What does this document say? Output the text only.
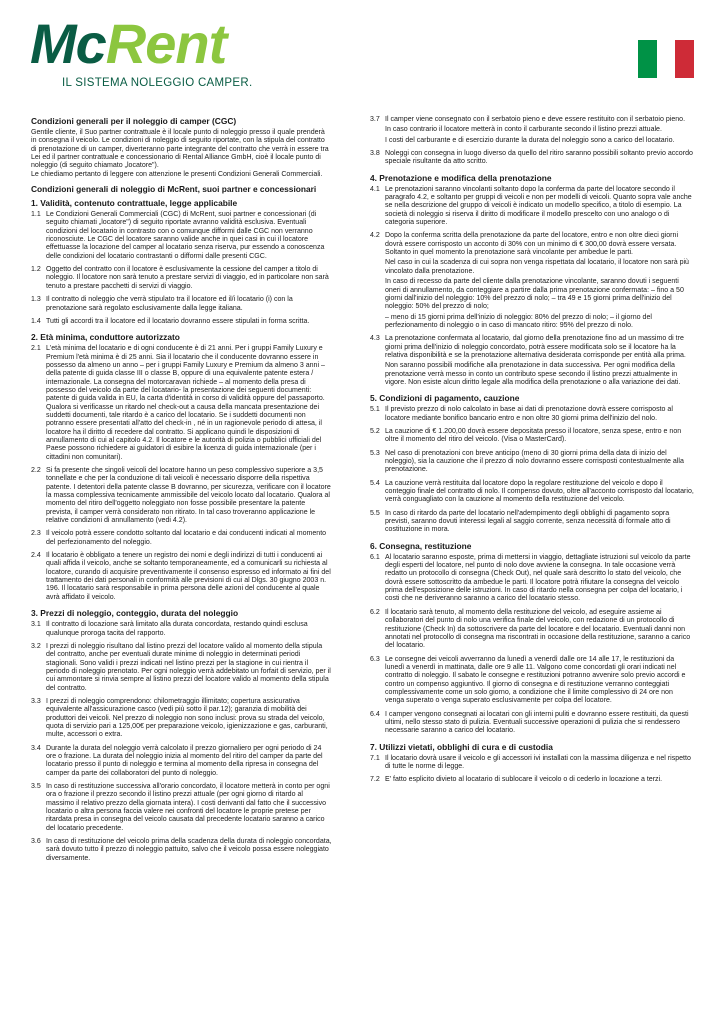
McRent
IL SISTEMA NOLEGGIO CAMPER.
Condizioni generali per il noleggio di camper (CGC)

Gentile cliente, il Suo partner contrattuale è il locale punto di noleggio presso il quale prenderà in consegna il veicolo. Le condizioni di noleggio di seguito riportate, con la stipula del contratto di prenotazione di un camper, diverteranno parte integrante del contratto che verrà in essere tra Lei ed il partner contrattuale e concessionario di Rental Alliance GmbH, cioè il locale punto di noleggio (di seguito chiamato „locatore").

Le chiediamo pertanto di leggere con attenzione le presenti Condizioni Generali Commerciali.

Condizioni generali di noleggio di McRent, suoi partner e concessionari
1. Validità, contenuto contrattuale, legge applicabile
1.1 Le Condizioni Generali Commerciali (CGC) di McRent, suoi partner e concessionari (di seguito chiamati „locatore") di seguito riportate avranno validità esclusiva. Eventuali condizioni del locatario in contrasto con o comunque difformi dalle CGC non verranno riconosciute. Le CGC del locatore saranno valide anche in quei casi in cui il locatore effettuasse la locazione del camper al locatario senza riserva, pur essendo a conoscenza delle condizioni del locatario contrastanti o difformi dalle presenti CGC.

1.2 Oggetto del contratto con il locatore è esclusivamente la cessione del camper a titolo di noleggio. Il locatore non sarà tenuto a prestare servizi di viaggio, ed in particolare non sarà tenuto a prestare pacchetti di servizi di viaggio.

1.3 Il contratto di noleggio che verrà stipulato tra il locatore ed il/i locatario (i) con la prenotazione sarà regolato esclusivamente dalla legge italiana.

1.4 Tutti gli accordi tra il locatore ed il locatario dovranno essere stipulati in forma scritta.

2. Età minima, conduttore autorizzato
2.1 L'età minima del locatario e di ogni conducente è di 21 anni. Per i gruppi Family Luxury e Premium l'età minima è di 25 anni. Sia il locatario che il conducente dovranno essere in possesso da almeno un anno – per i gruppi Family Luxury e Premium da almeno 3 anni – della patente di guida classe III o classe B, oppure di una equivalente patente estera / internazionale. La consegna del motorcaravan richiede – al momento della presa di possesso del veicolo da parte del locatario- la presentazione dei seguenti documenti: patente di guida valida in EU, la carta d'identità in corso di validità oppure del passaporto. Qualora si verificasse un ritardo nel check-out a causa della mancata presentazione dei suddetti documenti, tale ritardo è a carico del locatario. Se i suddetti documenti non potranno essere presentati all'atto del check-in , né in un ragionevole periodo di attesa, il locatore ha il diritto di recedere dal contratto. Si applicano quindi le disposizioni di annullamento di cui al capitolo 4.2. Il locatore e le autorità di polizia o pubblici ufficiali del Paese possono richiedere ai guidatori di esibire la licenza di guida internazionale (per i cittadini non comunitari).

2.2 Si fa presente che singoli veicoli del locatore hanno un peso complessivo superiore a 3,5 tonnellate e che per la conduzione di tali veicoli è necessario disporre della rispettiva patente. I detentori della patente classe B dovranno, per sicurezza, verificare con il locatore la massa complessiva tecnicamente ammissibile del veicolo locato dal locatario. Qualora al momento del ritiro dell'oggetto noleggiato non fosse possibile presentare la patente prevista, il camper verrà considerato non ritirato. In tal caso troveranno applicazione le relative condizioni di annullamento (vedi 4.2).

2.3 Il veicolo potrà essere condotto soltanto dal locatario e dai conducenti indicati al momento del perfezionamento del noleggio.

2.4 Il locatario è obbligato a tenere un registro dei nomi e degli indirizzi di tutti i conducenti ai quali affida il veicolo, anche se soltanto temporaneamente, ed a comunicarli su richiesta al locatore, curando di acquisire preventivamente il consenso espresso ed informato ai fini del trattamento dei dati personali in conformità alle previsioni di cui al Dlgs. 30 giugno 2003 n. 196. Il locatario sarà responsabile in prima persona delle azioni del conducente al quale avrà affidato il veicolo.

3. Prezzi di noleggio, conteggio, durata del noleggio
3.1 Il contratto di locazione sarà limitato alla durata concordata, restando quindi esclusa qualunque proroga tacita del rapporto.

3.2 I prezzi di noleggio risultano dal listino prezzi del locatore valido al momento della stipula del contratto, anche per eventuali durate minime di noleggio in determinati periodi stagionali. Sono validi i prezzi indicati nel listino prezzi per la stagione in cui rientra il periodo di noleggio prenotato. Per ogni noleggio verrà addebitato un forfait di servizio, per il cui ammontare si rinvia sempre al listino prezzi del locatore valido al momento della stipula del contratto.

3.3 I prezzi di noleggio comprendono: chilometraggio illimitato; copertura assicurativa equivalente all'assicurazione casco (vedi più sotto il par.12); garanzia di mobilità dei produttori dei veicoli. Nel prezzo di noleggio non sono inclusi: prova su strada del veicolo, quota di servizio pari a 125,00€ per preparazione veicolo, igienizzazione e gas, carburanti, multe, accessori o extra.

3.4 Durante la durata del noleggio verrà calcolato il prezzo giornaliero per ogni periodo di 24 ore o frazione. La durata del noleggio inizia al momento del ritiro del camper da parte del locatario presso il punto di noleggio e termina al momento della ripresa in consegna del camper da parte dei collaboratori del punto di noleggio.

3.5 In caso di restituzione successiva all'orario concordato, il locatore metterà in conto per ogni ora o frazione il prezzo secondo il listino prezzi attuale (per ogni giorno di ritardo al massimo il relativo prezzo della giornata intera). I costi derivanti dal fatto che il successivo locatario o altra persona faccia valere nei confronti del locatore le proprie pretese per ritardata presa in consegna del veicolo causata dal precedente locatario saranno a carico del locatario precedente.

3.6 In caso di restituzione del veicolo prima della scadenza della durata di noleggio concordata, sarà dovuto tutto il prezzo di noleggio pattuito, salvo che il veicolo possa essere noleggiato diversamente.

3.7 Il camper viene consegnato con il serbatoio pieno e deve essere restituito con il serbatoio pieno.

In caso contrario il locatore metterà in conto il carburante secondo il listino prezzi attuale.

I costi del carburante e di esercizio durante la durata del noleggio sono a carico del locatario.

3.8 Noleggi con consegna in luogo diverso da quello del ritiro saranno possibili soltanto previo accordo speciale risultante da atto scritto.

4. Prenotazione e modifica della prenotazione
4.1 Le prenotazioni saranno vincolanti soltanto dopo la conferma da parte del locatore secondo il paragrafo 4.2, e soltanto per gruppi di veicoli e non per modelli di veicoli. Quanto sopra vale anche se nella descrizione del gruppo di veicoli è indicato un modello specifico, a titolo di esempio. La società di noleggio si riserva il diritto di modificare il modello prescelto con uno analogo o di categoria superiore.

4.2 Dopo la conferma scritta della prenotazione da parte del locatore, entro e non oltre dieci giorni dovrà essere corrisposto un acconto di 30% con un minimo di € 300,00 dovrà essere versata. Soltanto in quel momento la prenotazione sarà vincolante per ambedue le parti.

Nel caso in cui la scadenza di cui sopra non venga rispettata dal locatario, il locatore non sarà più vincolato dalla prenotazione.

In caso di recesso da parte del cliente dalla prenotazione vincolante, saranno dovuti i seguenti oneri di annullamento, da conteggiare a partire dalla prima prenotazione confermata: – fino a 50 giorni dall'inizio del noleggio: 10% del prezzo di nolo; – tra 49 e 15 giorni prima dell'inizio del noleggio: 50% del prezzo di nolo;

– meno di 15 giorni prima dell'inizio di noleggio: 80% del prezzo di nolo; – il giorno del perfezionamento di noleggio o in caso di mancato ritiro: 95% del prezzo di nolo.

4.3 La prenotazione confermata al locatario, dal giorno della prenotazione fino ad un massimo di tre giorni prima dell'inizio di noleggio concordato, potrà essere modificata solo se il locatore ha la relativa disponibilità e se la prenotazione alternativa desiderata corrisponde per entità alla prima.

Non saranno possibili modifiche alla prenotazione in data successiva. Per ogni modifica della prenotazione verrà messo in conto un contributo spese secondo il listino prezzi attualmente in vigore. Non esiste alcun diritto legale alla modifica della prenotazione o alla variazione dei dati.

5. Condizioni di pagamento, cauzione
5.1 Il previsto prezzo di nolo calcolato in base ai dati di prenotazione dovrà essere corrisposto al locatore mediante bonifico bancario entro e non oltre 30 giorni prima dell'inizio del nolo.

5.2 La cauzione di € 1.200,00 dovrà essere depositata presso il locatore, senza spese, entro e non oltre il momento del ritiro del veicolo. (Visa o MasterCard).

5.3 Nel caso di prenotazioni con breve anticipo (meno di 30 giorni prima della data di inizio del noleggio), sia la cauzione che il prezzo di nolo dovranno essere corrisposti contestualmente alla prenotazione.

5.4 La cauzione verrà restituita dal locatore dopo la regolare restituzione del veicolo e dopo il conteggio finale del contratto di nolo. Il compenso dovuto, oltre all'acconto corrisposto dal locatario, verrà conguagliato con la cauzione al momento della restituzione del veicolo.

5.5 In caso di ritardo da parte del locatario nell'adempimento degli obblighi di pagamento sopra previsti, saranno dovuti interessi legali al saggio corrente, senza necessità di formale atto di costituzione in mora.

6. Consegna, restituzione
6.1 Al locatario saranno esposte, prima di mettersi in viaggio, dettagliate istruzioni sul veicolo da parte degli esperti del locatore, nel punto di nolo dove avviene la consegna. In tale occasione verrà redatto un protocollo di consegna (Check Out), nel quale sarà descritto lo stato del veicolo, che dovrà essere sottoscritto da ambedue le parti. Il locatore potrà rifiutare la consegna del veicolo prima dell'esposizione delle istruzioni. In caso di ritardo nella consegna per colpa del locatario, i costi che ne deriveranno saranno a carico del locatario stesso.

6.2 Il locatario sarà tenuto, al momento della restituzione del veicolo, ad eseguire assieme ai collaboratori del punto di nolo una verifica finale del veicolo, con redazione di un protocollo di restituzione (Check In) da sottoscrivere da parte del locatore e del locatario. Eventuali danni non annotati nel protocollo di consegna ma riscontrati in occasione della restituzione, saranno a carico del locatario.

6.3 Le consegne dei veicoli avverranno da lunedì a venerdì dalle ore 14 alle 17, le restituzioni da lunedì a venerdì in mattinata, dalle ore 9 alle 11. Valgono come concordati gli orari indicati nel contratto di noleggio. Il sabato le consegne e restituzioni potranno avvenire solo previo accordi e contro un compenso aggiuntivo. Il giorno di consegna e di restituzione verranno conteggiati complessivamente come un solo giorno, a condizione che il limite complessivo di 24 ore non venga superato o venga superato esclusivamente per colpa del locatore.

6.4 I camper vengono consegnati ai locatari con gli interni puliti e dovranno essere restituiti, da questi ultimi, nello stesso stato di pulizia. Eventuali successive operazioni di pulizia che si rendessero necessarie saranno a carico del locatario.

7. Utilizzi vietati, obblighi di cura e di custodia
7.1 Il locatario dovrà usare il veicolo e gli accessori ivi installati con la massima diligenza e nel rispetto di tutte le norme di legge.

7.2 E' fatto esplicito divieto al locatario di sublocare il veicolo o di cederlo in locazione a terzi.
